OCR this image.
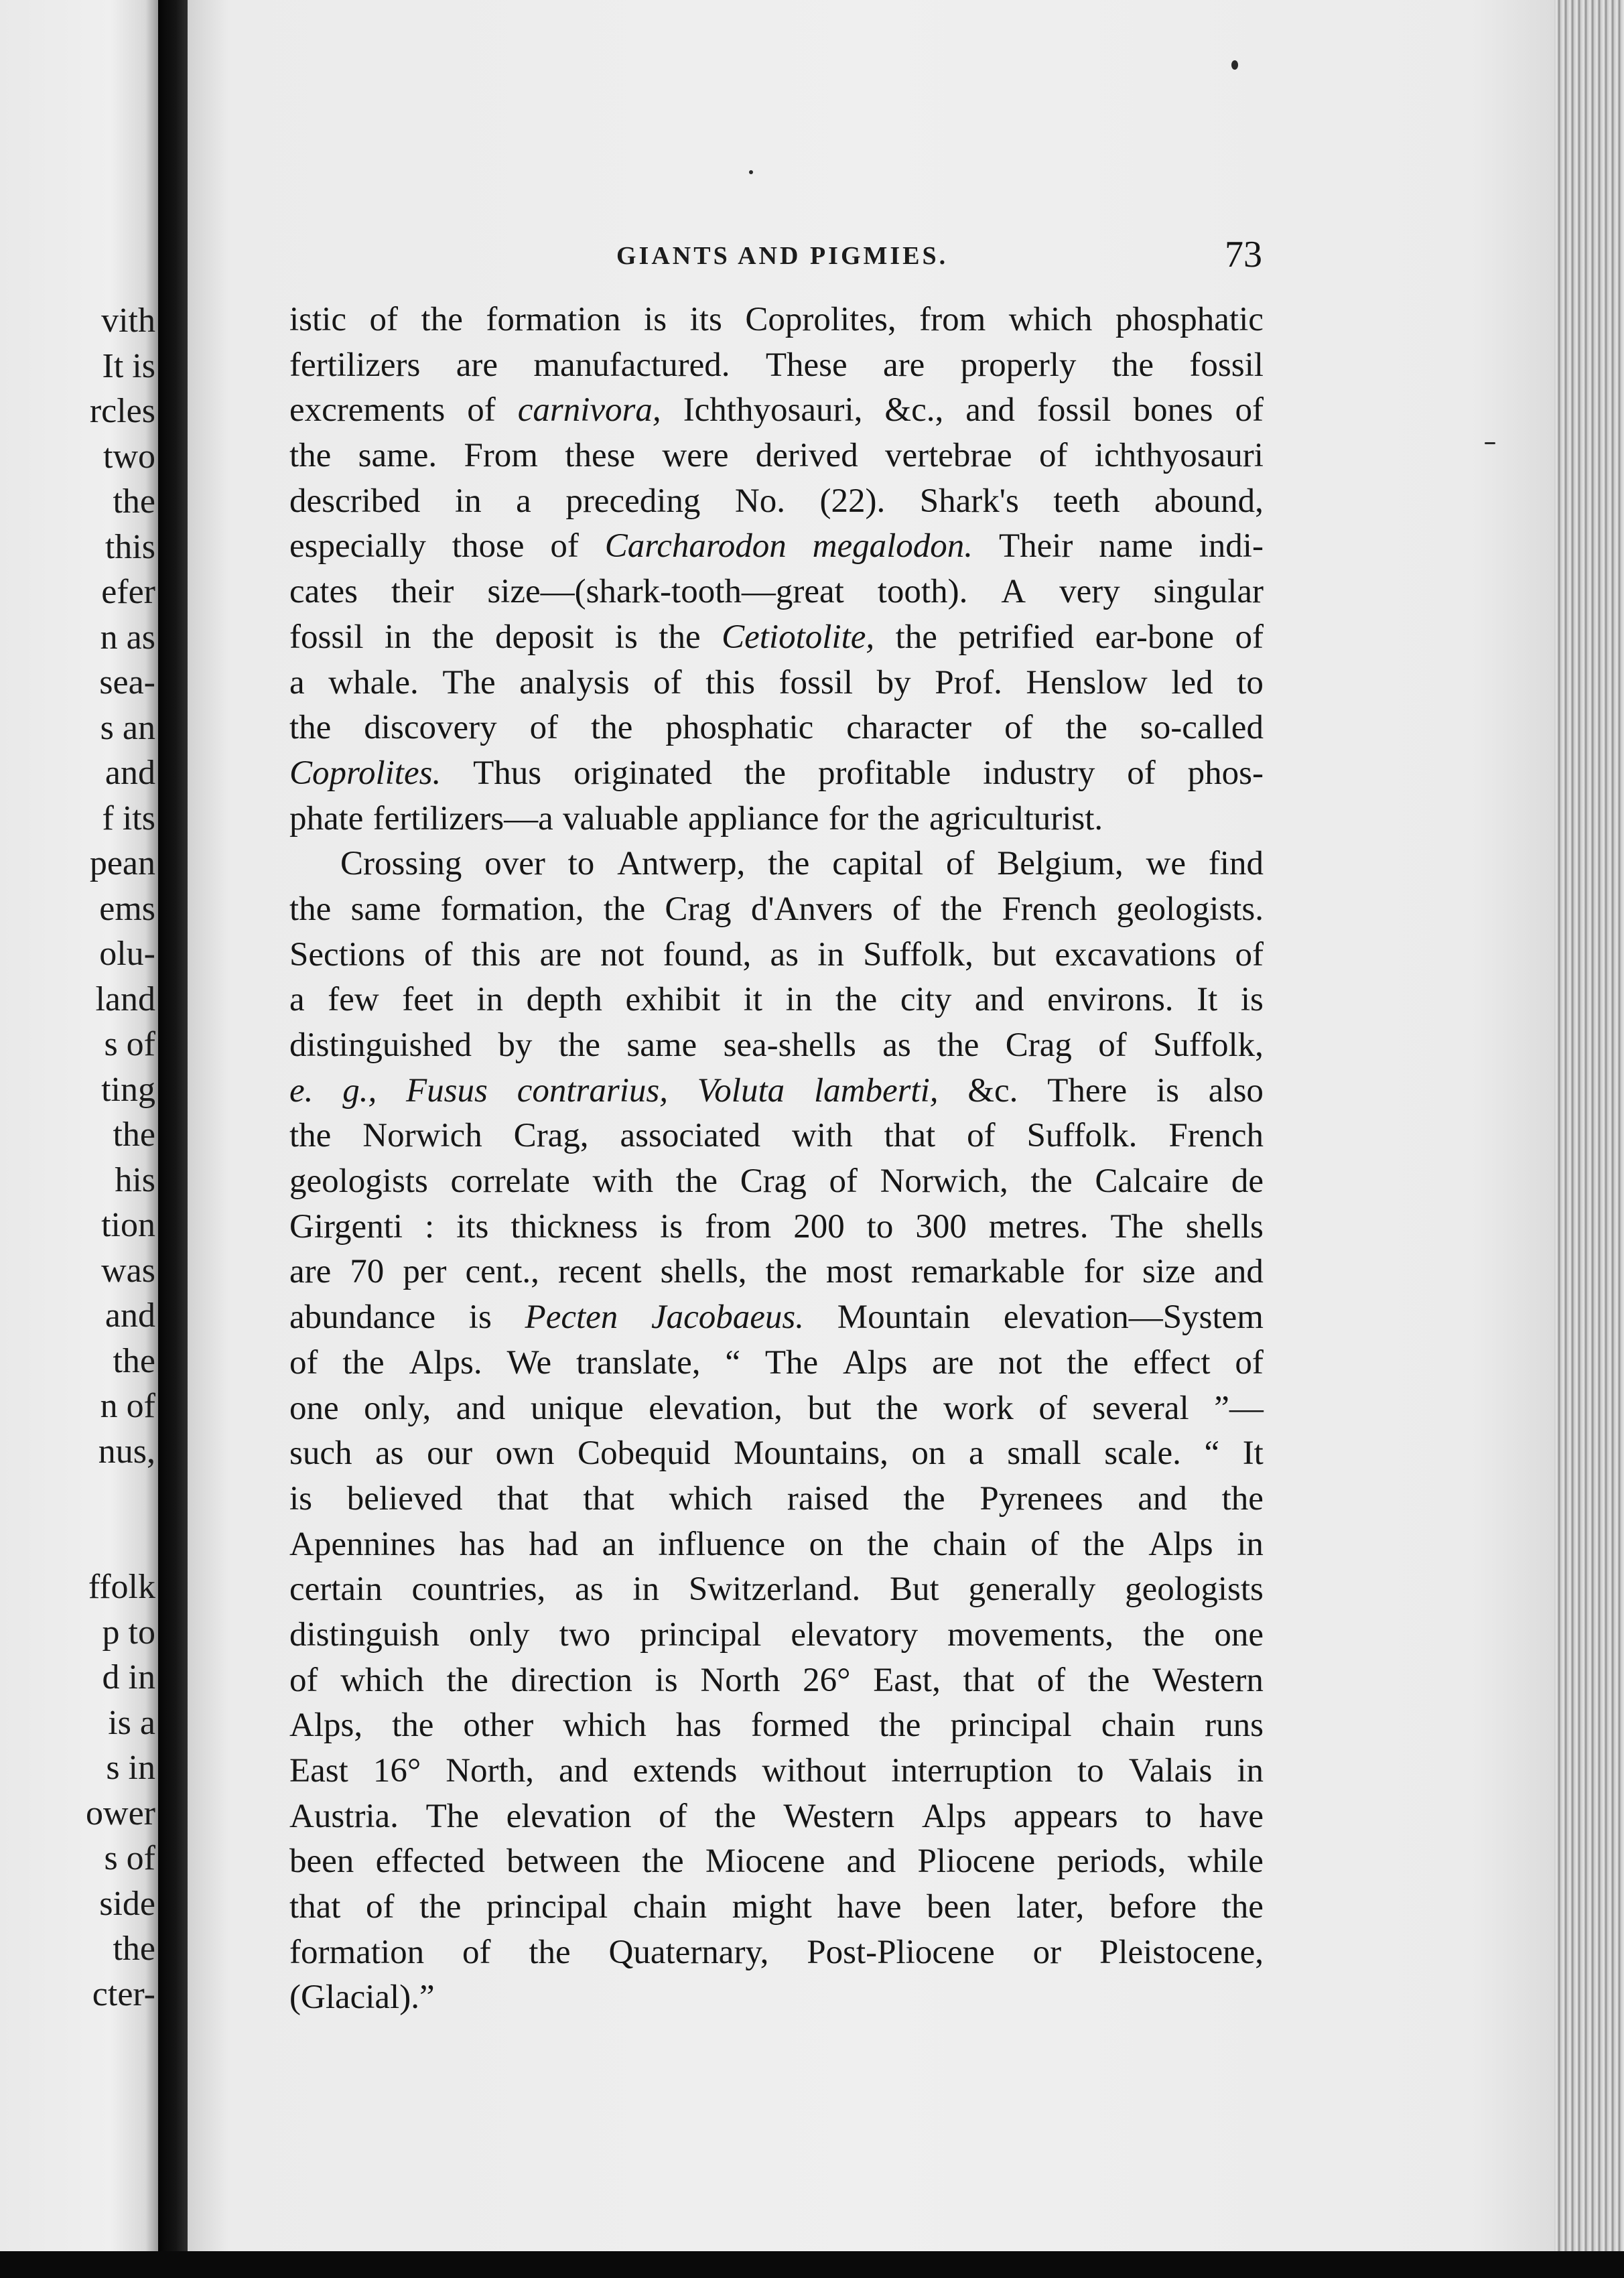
vith
It is
rcles
two
the
this
efer
n as
sea-
s an
and
f its
pean
ems
olu-
land
s of
ting
the
his
tion
was
and
the
n of
nus,
ffolk
p to
d in
is a
s in
ower
s of
side
the
cter-
GIANTS AND PIGMIES.	73
istic of the formation is its Coprolites, from which phosphatic
fertilizers are manufactured. These are properly the fossil
excrements of carnivora, Ichthyosauri, &c., and fossil bones of
the same. From these were derived vertebrae of ichthyosauri
described in a preceding No. (22). Shark's teeth abound,
especially those of Carcharodon megalodon. Their name indi-
cates their size—(shark-tooth—great tooth). A very singular
fossil in the deposit is the Cetiotolite, the petrified ear-bone of
a whale. The analysis of this fossil by Prof. Henslow led to
the discovery of the phosphatic character of the so-called
Coprolites. Thus originated the profitable industry of phos-
phate fertilizers—a valuable appliance for the agriculturist.
Crossing over to Antwerp, the capital of Belgium, we find
the same formation, the Crag d'Anvers of the French geologists.
Sections of this are not found, as in Suffolk, but excavations of
a few feet in depth exhibit it in the city and environs. It is
distinguished by the same sea-shells as the Crag of Suffolk,
e. g., Fusus contrarius, Voluta lamberti, &c. There is also
the Norwich Crag, associated with that of Suffolk. French
geologists correlate with the Crag of Norwich, the Calcaire de
Girgenti : its thickness is from 200 to 300 metres. The shells
are 70 per cent., recent shells, the most remarkable for size and
abundance is Pecten Jacobaeus. Mountain elevation—System
of the Alps. We translate, “ The Alps are not the effect of
one only, and unique elevation, but the work of several ”—
such as our own Cobequid Mountains, on a small scale. “ It
is believed that that which raised the Pyrenees and the
Apennines has had an influence on the chain of the Alps in
certain countries, as in Switzerland. But generally geologists
distinguish only two principal elevatory movements, the one
of which the direction is North 26° East, that of the Western
Alps, the other which has formed the principal chain runs
East 16° North, and extends without interruption to Valais in
Austria. The elevation of the Western Alps appears to have
been effected between the Miocene and Pliocene periods, while
that of the principal chain might have been later, before the
formation of the Quaternary, Post-Pliocene or Pleistocene,
(Glacial).”
